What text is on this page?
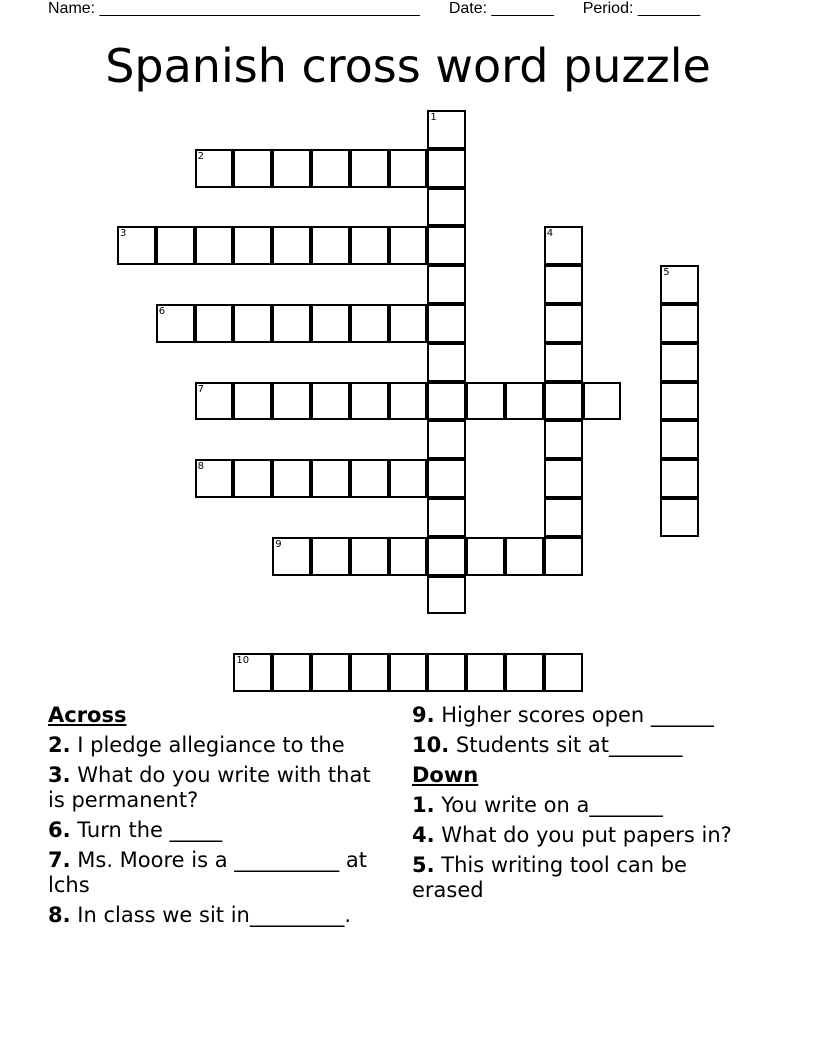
Name: ____________________________________ Date: _______ Period: _______
Spanish cross word puzzle
1
2
3	4
5
6
7
8
9
10
Across
2. I pledge allegiance to the
3. What do you write with that is permanent?
6. Turn the _____
7. Ms. Moore is a __________ at lchs
8. In class we sit in_________.
9. Higher scores open ______
10. Students sit at_______
Down
1. You write on a_______
4. What do you put papers in?
5. This writing tool can be erased
